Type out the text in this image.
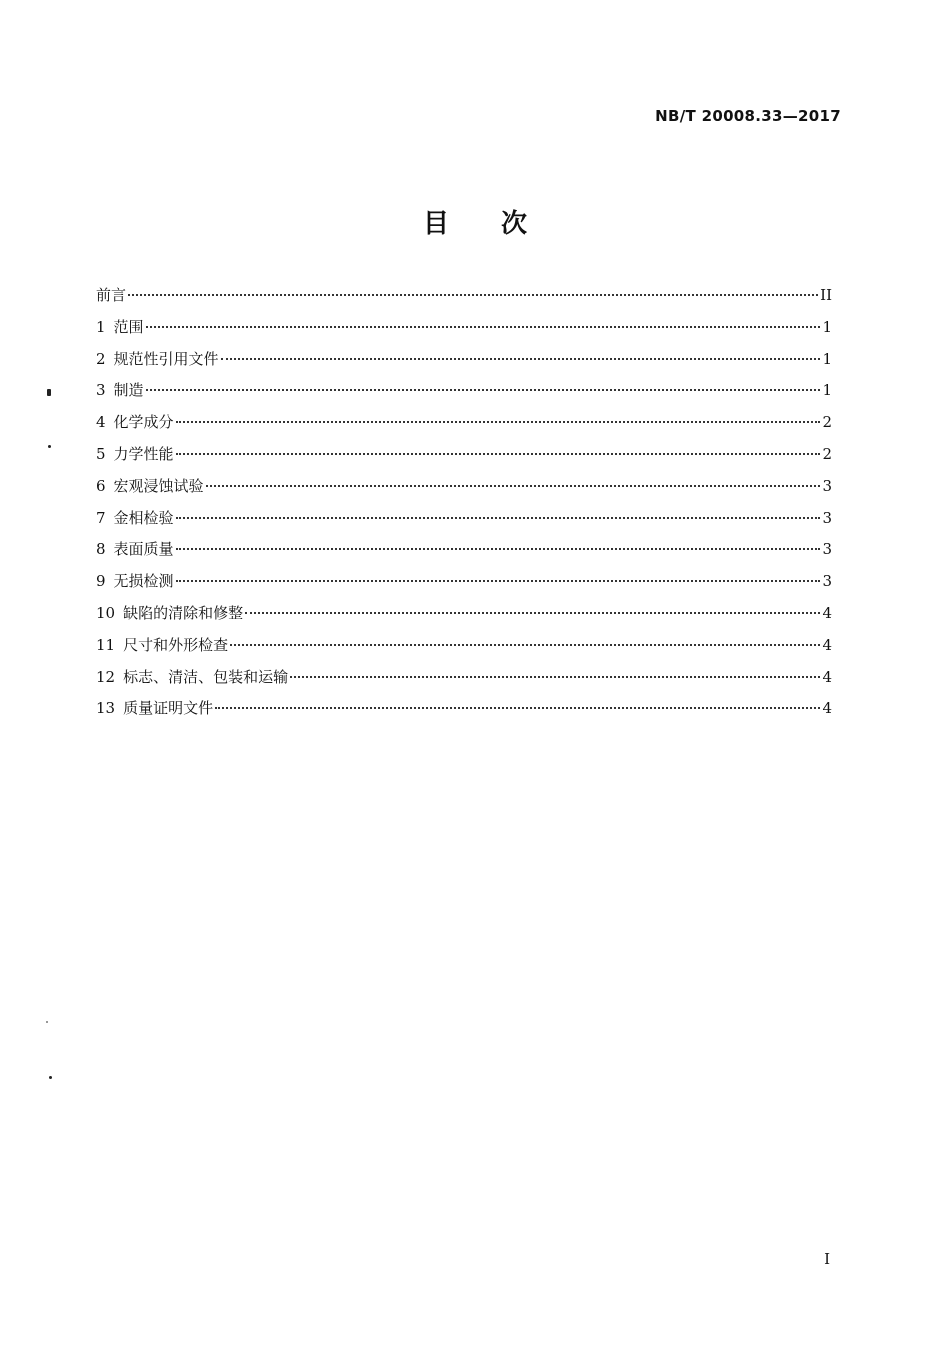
NB/T 20008.33—2017
目 次
前言	II
1 范围	1
2 规范性引用文件	1
3 制造	1
4 化学成分	2
5 力学性能	2
6 宏观浸蚀试验	3
7 金相检验	3
8 表面质量	3
9 无损检测	3
10 缺陷的清除和修整	4
11 尺寸和外形检查	4
12 标志、清洁、包装和运输	4
13 质量证明文件	4
I
